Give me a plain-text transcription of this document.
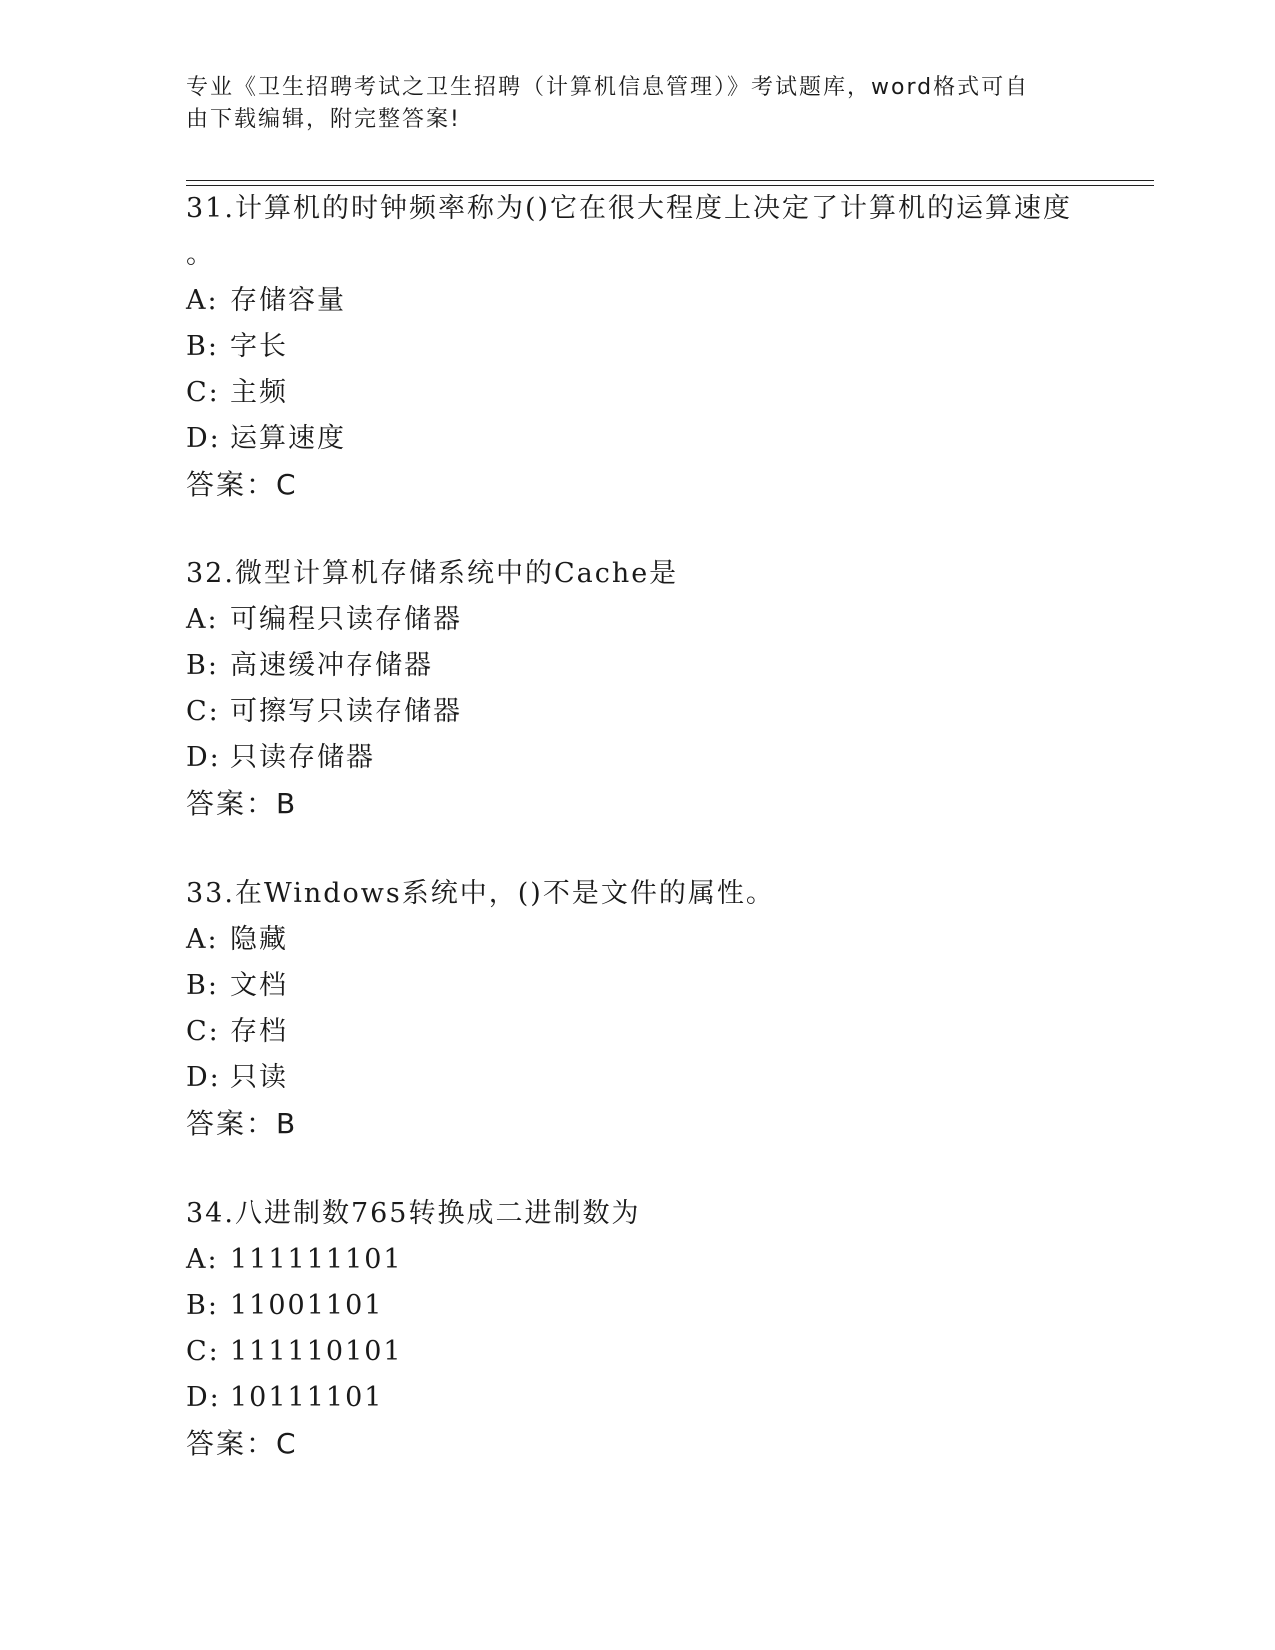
专业《卫生招聘考试之卫生招聘（计算机信息管理）》考试题库，word格式可自
由下载编辑，附完整答案!
31.计算机的时钟频率称为()它在很大程度上决定了计算机的运算速度
。
A: 存储容量
B: 字长
C: 主频
D: 运算速度
答案：C
32.微型计算机存储系统中的Cache是
A: 可编程只读存储器
B: 高速缓冲存储器
C: 可擦写只读存储器
D: 只读存储器
答案：B
33.在Windows系统中，()不是文件的属性。
A: 隐藏
B: 文档
C: 存档
D: 只读
答案：B
34.八进制数765转换成二进制数为
A: 111111101
B: 11001101
C: 111110101
D: 10111101
答案：C
